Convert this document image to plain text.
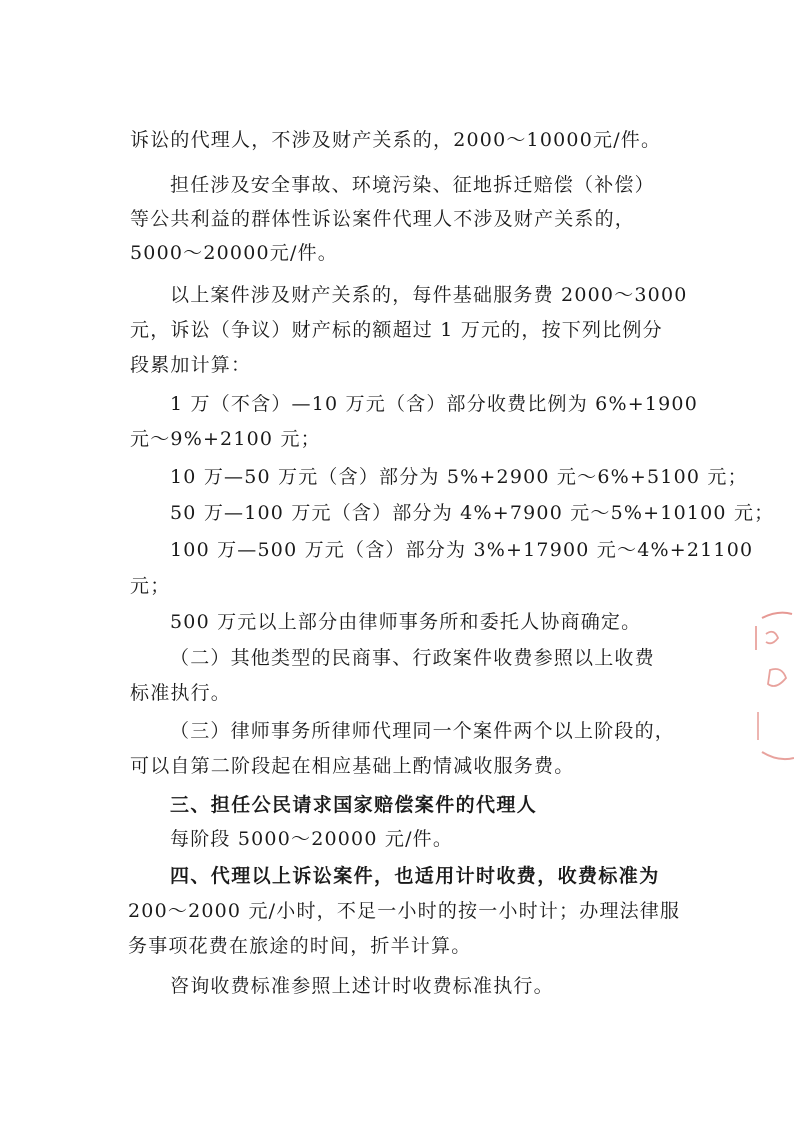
诉讼的代理人，不涉及财产关系的，2000～10000元/件。
担任涉及安全事故、环境污染、征地拆迁赔偿（补偿）
等公共利益的群体性诉讼案件代理人不涉及财产关系的，
5000～20000元/件。
以上案件涉及财产关系的，每件基础服务费 2000～3000
元，诉讼（争议）财产标的额超过 1 万元的，按下列比例分
段累加计算：
1 万（不含）—10 万元（含）部分收费比例为 6%+1900
元～9%+2100 元；
10 万—50 万元（含）部分为 5%+2900 元～6%+5100 元；
50 万—100 万元（含）部分为 4%+7900 元～5%+10100 元；
100 万—500 万元（含）部分为 3%+17900 元～4%+21100
元；
500 万元以上部分由律师事务所和委托人协商确定。
（二）其他类型的民商事、行政案件收费参照以上收费
标准执行。
（三）律师事务所律师代理同一个案件两个以上阶段的，
可以自第二阶段起在相应基础上酌情减收服务费。
三、担任公民请求国家赔偿案件的代理人
每阶段 5000～20000 元/件。
四、代理以上诉讼案件，也适用计时收费，收费标准为
200～2000 元/小时，不足一小时的按一小时计；办理法律服
务事项花费在旅途的时间，折半计算。
咨询收费标准参照上述计时收费标准执行。
